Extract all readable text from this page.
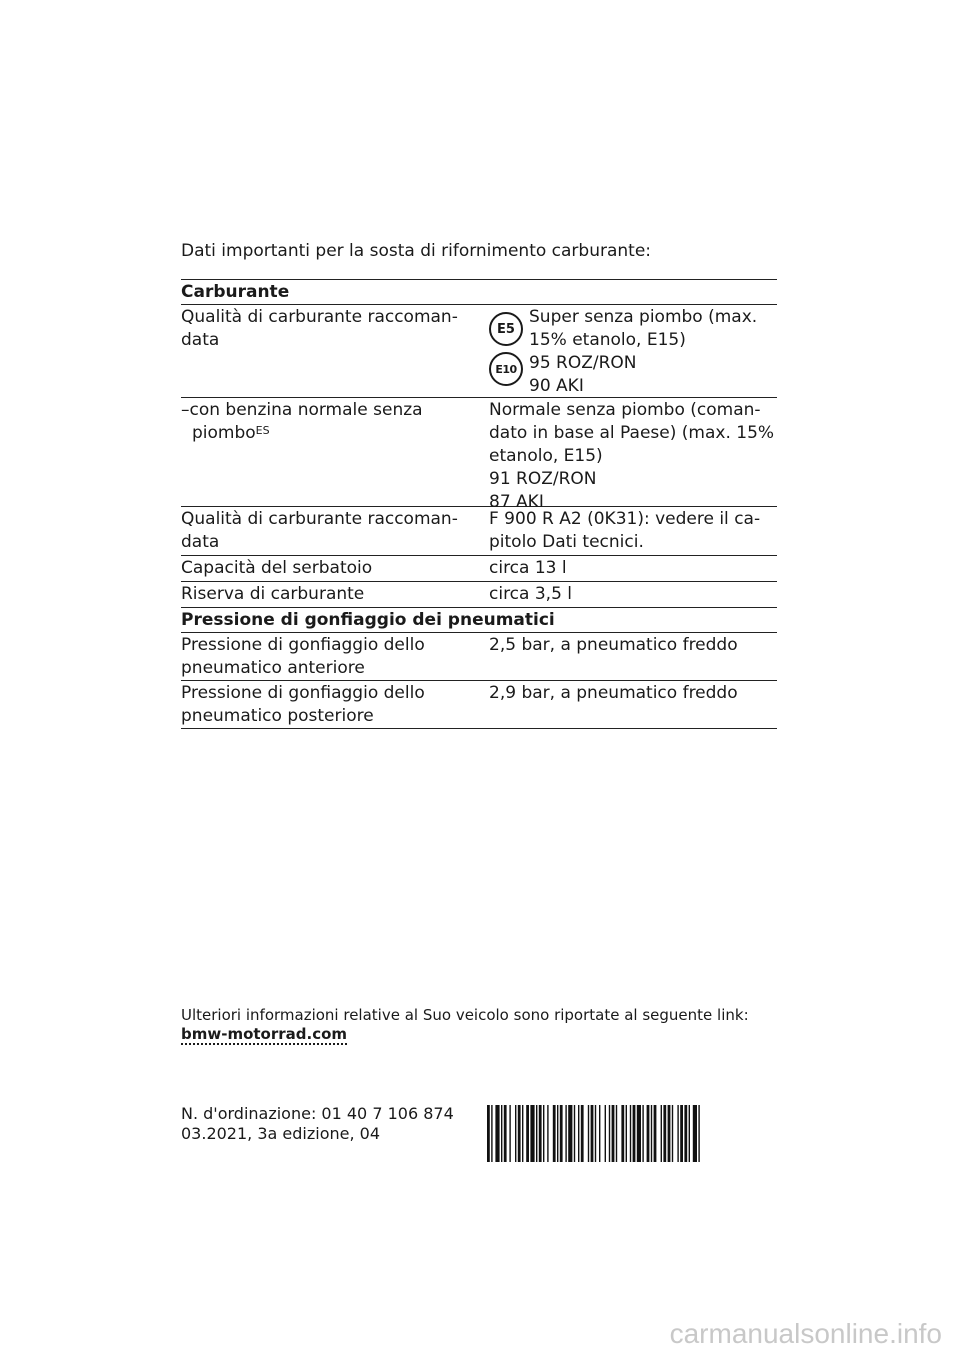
Dati importanti per la sosta di rifornimento carburante:
Carburante
Qualità di carburante raccoman-data
E5
E10
Super senza piombo (max.
15% etanolo, E15)
95 ROZ/RON
90 AKI
–con benzina normale senza
piombo$^{ES}$
Normale senza piombo (coman-
dato in base al Paese) (max. 15%
etanolo, E15)
91 ROZ/RON
87 AKI
Qualità di carburante raccoman-data
F 900 R A2 (0K31): vedere il ca-pitolo Dati tecnici.
Capacità del serbatoio	circa 13 l
Riserva di carburante	circa 3,5 l
Pressione di gonfiaggio dei pneumatici
Pressione di gonfiaggio dello pneumatico anteriore
2,5 bar, a pneumatico freddo
Pressione di gonfiaggio dello pneumatico posteriore
2,9 bar, a pneumatico freddo
Ulteriori informazioni relative al Suo veicolo sono riportate al seguente link:
bmw-motorrad.com
N. d'ordinazione: 01 40 7 106 874
03.2021, 3a edizione, 04
carmanualsonline.info
